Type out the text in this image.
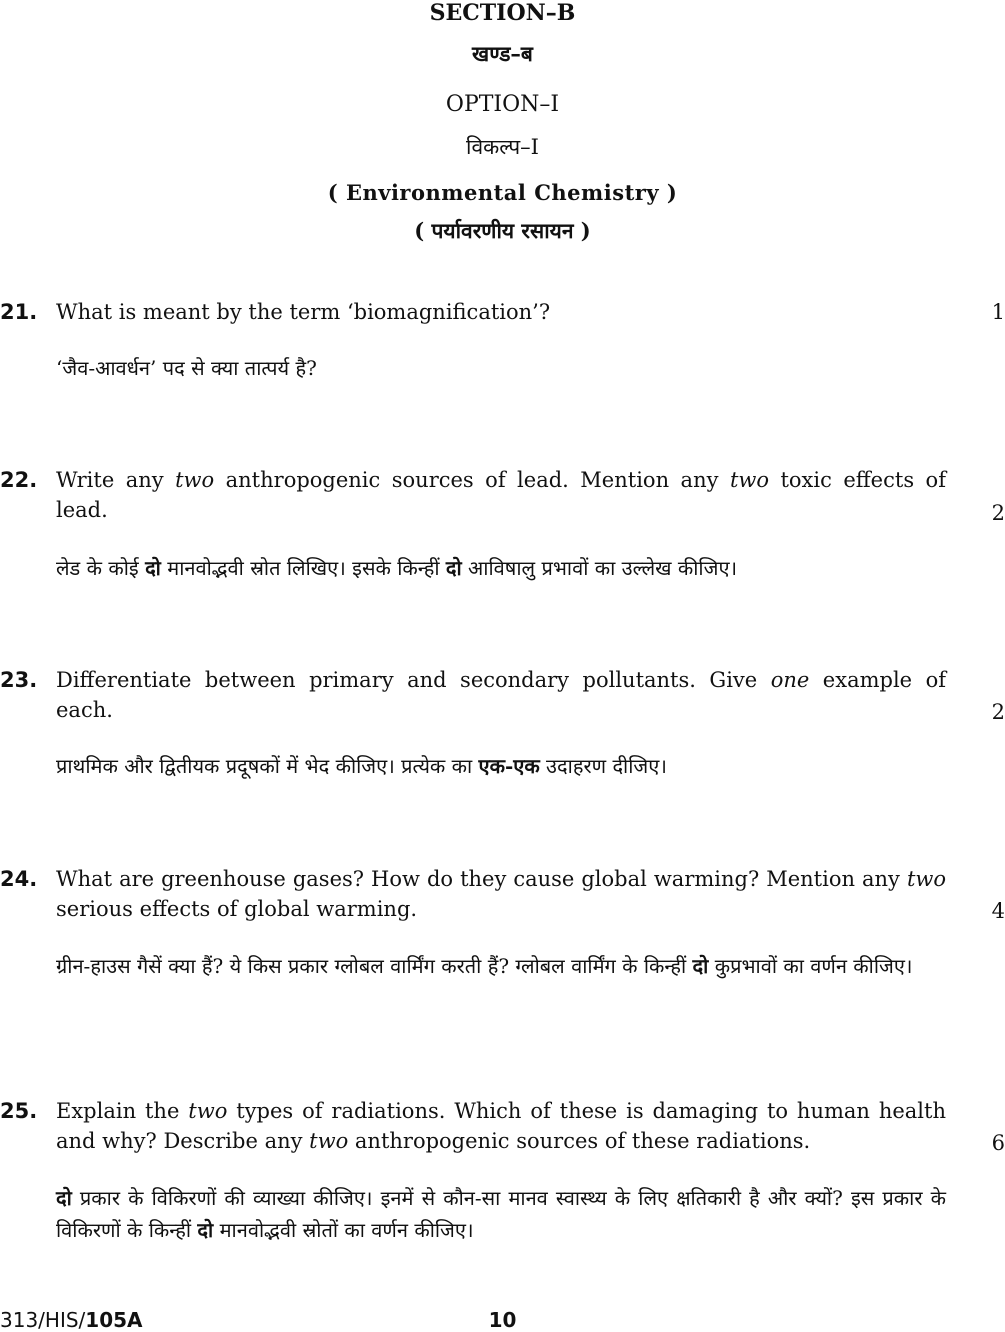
SECTION–B
खण्ड–ब
OPTION–I
विकल्प–I
( Environmental Chemistry )
( पर्यावरणीय रसायन )
21. What is meant by the term ‘biomagnification’?	1
‘जैव-आवर्धन’ पद से क्या तात्पर्य है?
22. Write any two anthropogenic sources of lead. Mention any two toxic effects of lead.	2
लेड के कोई दो मानवोद्भवी स्रोत लिखिए। इसके किन्हीं दो आविषालु प्रभावों का उल्लेख कीजिए।
23. Differentiate between primary and secondary pollutants. Give one example of each.	2
प्राथमिक और द्वितीयक प्रदूषकों में भेद कीजिए। प्रत्येक का एक-एक उदाहरण दीजिए।
24. What are greenhouse gases? How do they cause global warming? Mention any two serious effects of global warming.	4
ग्रीन-हाउस गैसें क्या हैं? ये किस प्रकार ग्लोबल वार्मिंग करती हैं? ग्लोबल वार्मिंग के किन्हीं दो कुप्रभावों का वर्णन कीजिए।
25. Explain the two types of radiations. Which of these is damaging to human health and why? Describe any two anthropogenic sources of these radiations.	6
दो प्रकार के विकिरणों की व्याख्या कीजिए। इनमें से कौन-सा मानव स्वास्थ्य के लिए क्षतिकारी है और क्यों? इस प्रकार के विकिरणों के किन्हीं दो मानवोद्भवी स्रोतों का वर्णन कीजिए।
313/HIS/105A	10
